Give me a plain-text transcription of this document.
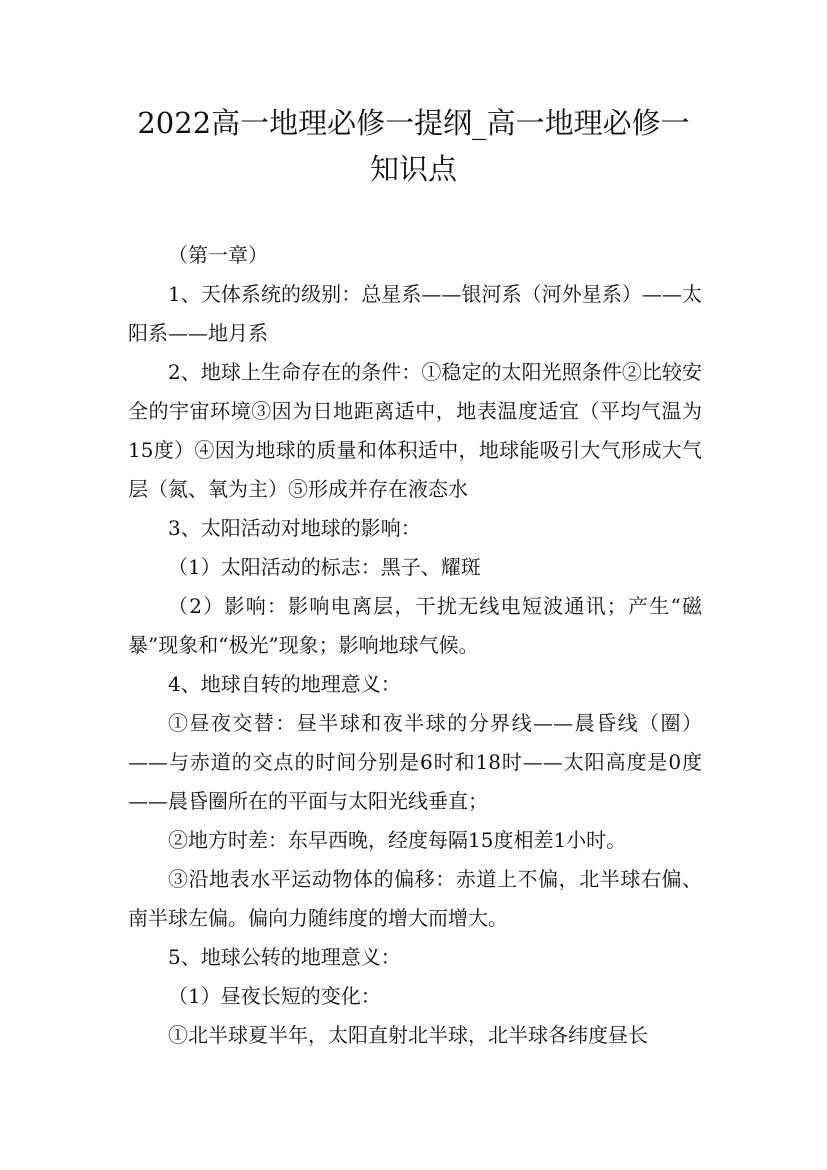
2022高一地理必修一提纲_高一地理必修一
知识点

（第一章）

1、天体系统的级别：总星系——银河系（河外星系）——太阳系——地月系

2、地球上生命存在的条件：①稳定的太阳光照条件②比较安全的宇宙环境③因为日地距离适中，地表温度适宜（平均气温为15度）④因为地球的质量和体积适中，地球能吸引大气形成大气层（氮、氧为主）⑤形成并存在液态水

3、太阳活动对地球的影响：

（1）太阳活动的标志：黑子、耀斑

（2）影响：影响电离层，干扰无线电短波通讯；产生“磁暴”现象和“极光”现象；影响地球气候。

4、地球自转的地理意义：

①昼夜交替：昼半球和夜半球的分界线——晨昏线（圈）——与赤道的交点的时间分别是6时和18时——太阳高度是0度——晨昏圈所在的平面与太阳光线垂直；

②地方时差：东早西晚，经度每隔15度相差1小时。

③沿地表水平运动物体的偏移：赤道上不偏，北半球右偏、南半球左偏。偏向力随纬度的增大而增大。

5、地球公转的地理意义：

（1）昼夜长短的变化：

①北半球夏半年，太阳直射北半球，北半球各纬度昼长
